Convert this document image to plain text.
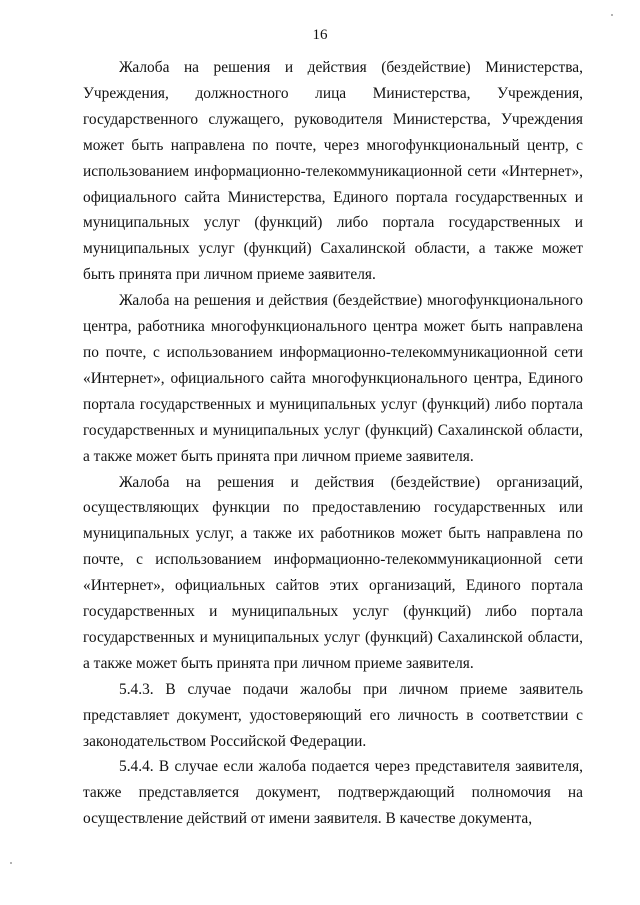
16

Жалоба на решения и действия (бездействие) Министерства, Учреждения, должностного лица Министерства, Учреждения, государственного служащего, руководителя Министерства, Учреждения может быть направлена по почте, через многофункциональный центр, с использованием информационно-телекоммуникационной сети «Интернет», официального сайта Министерства, Единого портала государственных и муниципальных услуг (функций) либо портала государственных и муниципальных услуг (функций) Сахалинской области, а также может быть принята при личном приеме заявителя.

Жалоба на решения и действия (бездействие) многофункционального центра, работника многофункционального центра может быть направлена по почте, с использованием информационно-телекоммуникационной сети «Интернет», официального сайта многофункционального центра, Единого портала государственных и муниципальных услуг (функций) либо портала государственных и муниципальных услуг (функций) Сахалинской области, а также может быть принята при личном приеме заявителя.

Жалоба на решения и действия (бездействие) организаций, осуществляющих функции по предоставлению государственных или муниципальных услуг, а также их работников может быть направлена по почте, с использованием информационно-телекоммуникационной сети «Интернет», официальных сайтов этих организаций, Единого портала государственных и муниципальных услуг (функций) либо портала государственных и муниципальных услуг (функций) Сахалинской области, а также может быть принята при личном приеме заявителя.

5.4.3. В случае подачи жалобы при личном приеме заявитель представляет документ, удостоверяющий его личность в соответствии с законодательством Российской Федерации.

5.4.4. В случае если жалоба подается через представителя заявителя, также представляется документ, подтверждающий полномочия на осуществление действий от имени заявителя. В качестве документа,
